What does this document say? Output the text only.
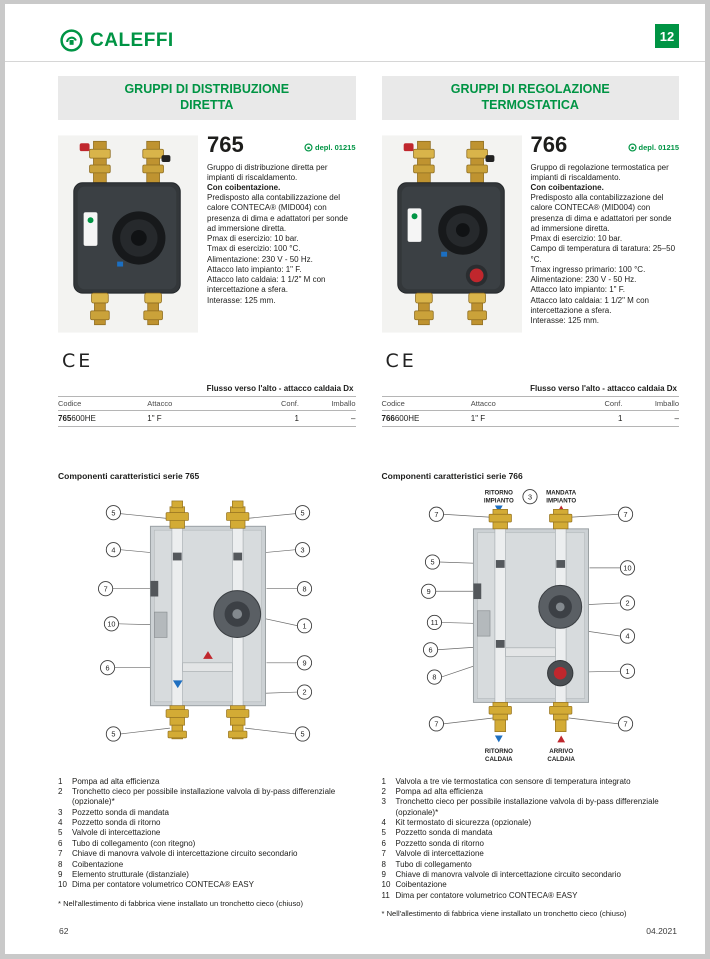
CALEFFI	12
GRUPPI DI DISTRIBUZIONE
DIRETTA
765	depl. 01215

Gruppo di distribuzione diretta per impianti di riscaldamento.
Con coibentazione.
Predisposto alla contabilizzazione del calore CONTECA® (MID004) con presenza di dima e adattatori per sonde ad immersione diretta.
Pmax di esercizio: 10 bar.
Tmax di esercizio: 100 °C.
Alimentazione: 230 V - 50 Hz.
Attacco lato impianto: 1" F.
Attacco lato caldaia: 1 1/2" M con intercettazione a sfera.
Interasse: 125 mm.

CE
Flusso verso l'alto - attacco caldaia Dx
Codice	Attacco	Conf.	Imballo
765600HE	1" F	1	–
Componenti caratteristici serie 765
5	5
4	3
7
10
8
1
6
9
2
5	5
1	Pompa ad alta efficienza
2	Tronchetto cieco per possibile installazione valvola di by-pass differenziale (opzionale)*
3	Pozzetto sonda di mandata
4	Pozzetto sonda di ritorno
5	Valvole di intercettazione
6	Tubo di collegamento (con ritegno)
7	Chiave di manovra valvole di intercettazione circuito secondario
8	Coibentazione
9	Elemento strutturale (distanziale)
10 Dima per contatore volumetrico CONTECA® EASY
* Nell'allestimento di fabbrica viene installato un tronchetto cieco (chiuso)
GRUPPI DI REGOLAZIONE
TERMOSTATICA
766	depl. 01215

Gruppo di regolazione termostatica per impianti di riscaldamento.
Con coibentazione.
Predisposto alla contabilizzazione del calore CONTECA® (MID004) con presenza di dima e adattatori per sonde ad immersione diretta.
Pmax di esercizio: 10 bar.
Campo di temperatura di taratura: 25–50 °C.
Tmax ingresso primario: 100 °C.
Alimentazione: 230 V - 50 Hz.
Attacco lato impianto: 1" F.
Attacco lato caldaia: 1 1/2" M con intercettazione a sfera.
Interasse: 125 mm.

CE
Flusso verso l'alto - attacco caldaia Dx
Codice	Attacco	Conf.	Imballo
766600HE	1" F	1	–
Componenti caratteristici serie 766
RITORNO
IMPIANTO
MANDATA
IMPIANTO
RITORNO
CALDAIA
ARRIVO
CALDAIA
7
3
7
5
9
11
6
8
7
10
2
4
1
7
1	Valvola a tre vie termostatica con sensore di temperatura integrato
2	Pompa ad alta efficienza
3	Tronchetto cieco per possibile installazione valvola di by-pass differenziale (opzionale)*
4	Kit termostato di sicurezza (opzionale)
5	Pozzetto sonda di mandata
6	Pozzetto sonda di ritorno
7	Valvole di intercettazione
8	Tubo di collegamento
9	Chiave di manovra valvole di intercettazione circuito secondario
10 Coibentazione
11 Dima per contatore volumetrico CONTECA® EASY
* Nell'allestimento di fabbrica viene installato un tronchetto cieco (chiuso)
62	04.2021
